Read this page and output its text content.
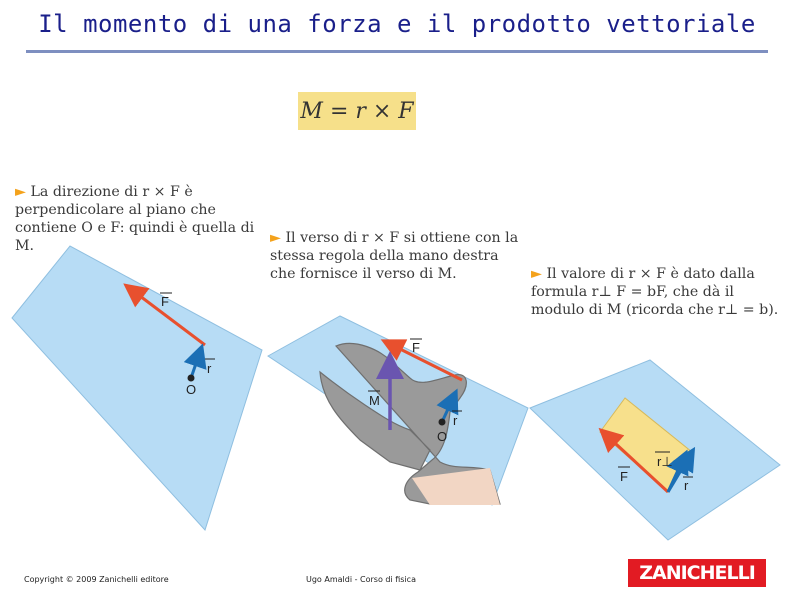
Il momento di una forza e il prodotto vettoriale
M = r × F
► La direzione di r × F è perpendicolare al piano che contiene O e F: quindi è quella di M.	► Il verso di r × F si ottiene con la stessa regola della mano destra che fornisce il verso di M.	► Il valore di r × F è dato dalla formula r⊥ F = bF, che dà il modulo di M (ricorda che r⊥ = b).
F
r
O
F
M
r
O
F
r⊥
r
Copyright © 2009 Zanichelli editore	Ugo Amaldi - Corso di fisica	ZANICHELLI
